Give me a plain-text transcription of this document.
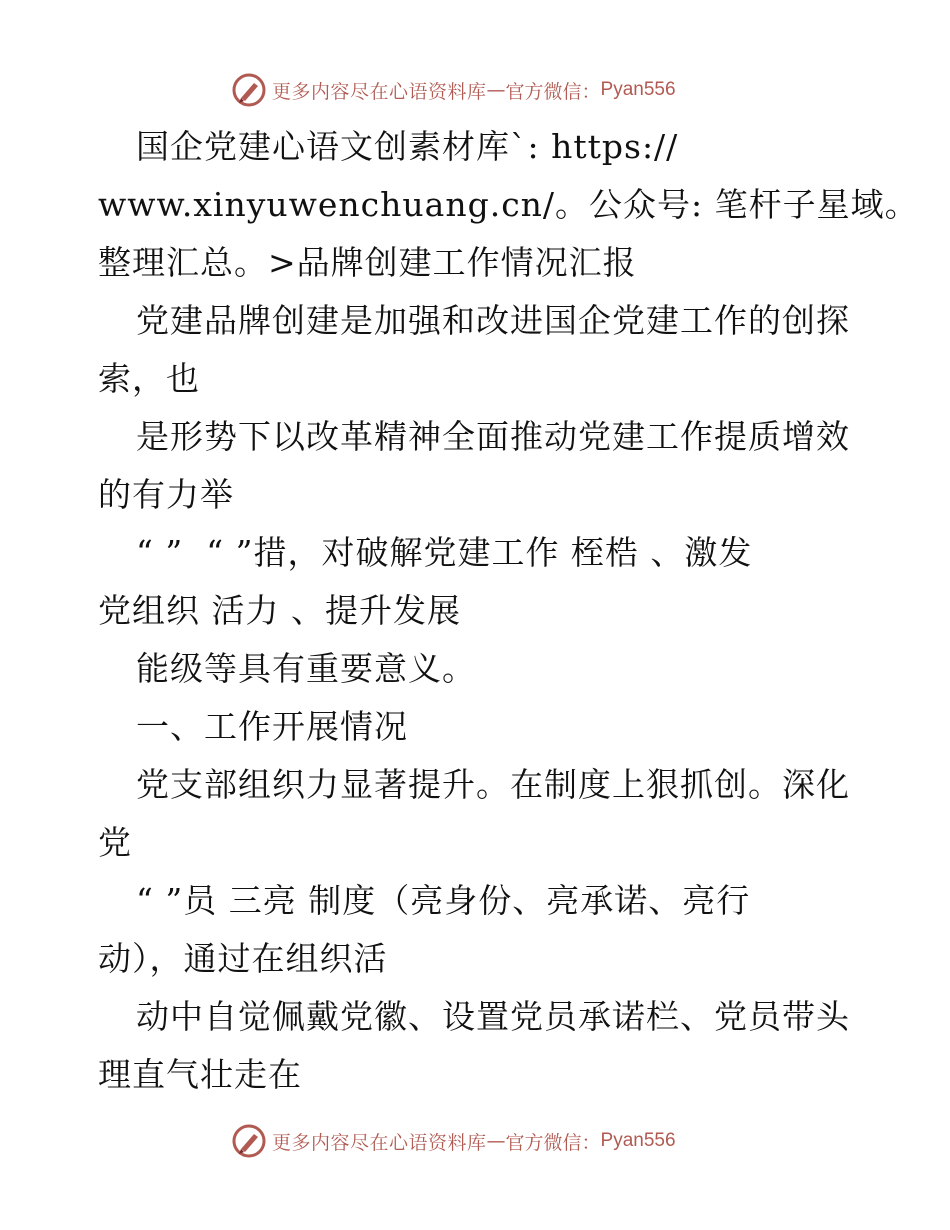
更多内容尽在心语资料库 — 官方微信： Pyan556
国企党建心语文创素材库`: https://
www.xinyuwenchuang.cn/。公众号: 笔杆子星域。
整理汇总。>品牌创建工作情况汇报
党建品牌创建是加强和改进国企党建工作的创探
索，也
是形势下以改革精神全面推动党建工作提质增效
的有力举
“ ”  “ ”措，对破解党建工作 桎梏 、激发
党组织 活力 、提升发展
能级等具有重要意义。
一、工作开展情况
党支部组织力显著提升。在制度上狠抓创。深化
党
“ ”员 三亮 制度（亮身份、亮承诺、亮行
动），通过在组织活
动中自觉佩戴党徽、设置党员承诺栏、党员带头
理直气壮走在
更多内容尽在心语资料库 — 官方微信： Pyan556
